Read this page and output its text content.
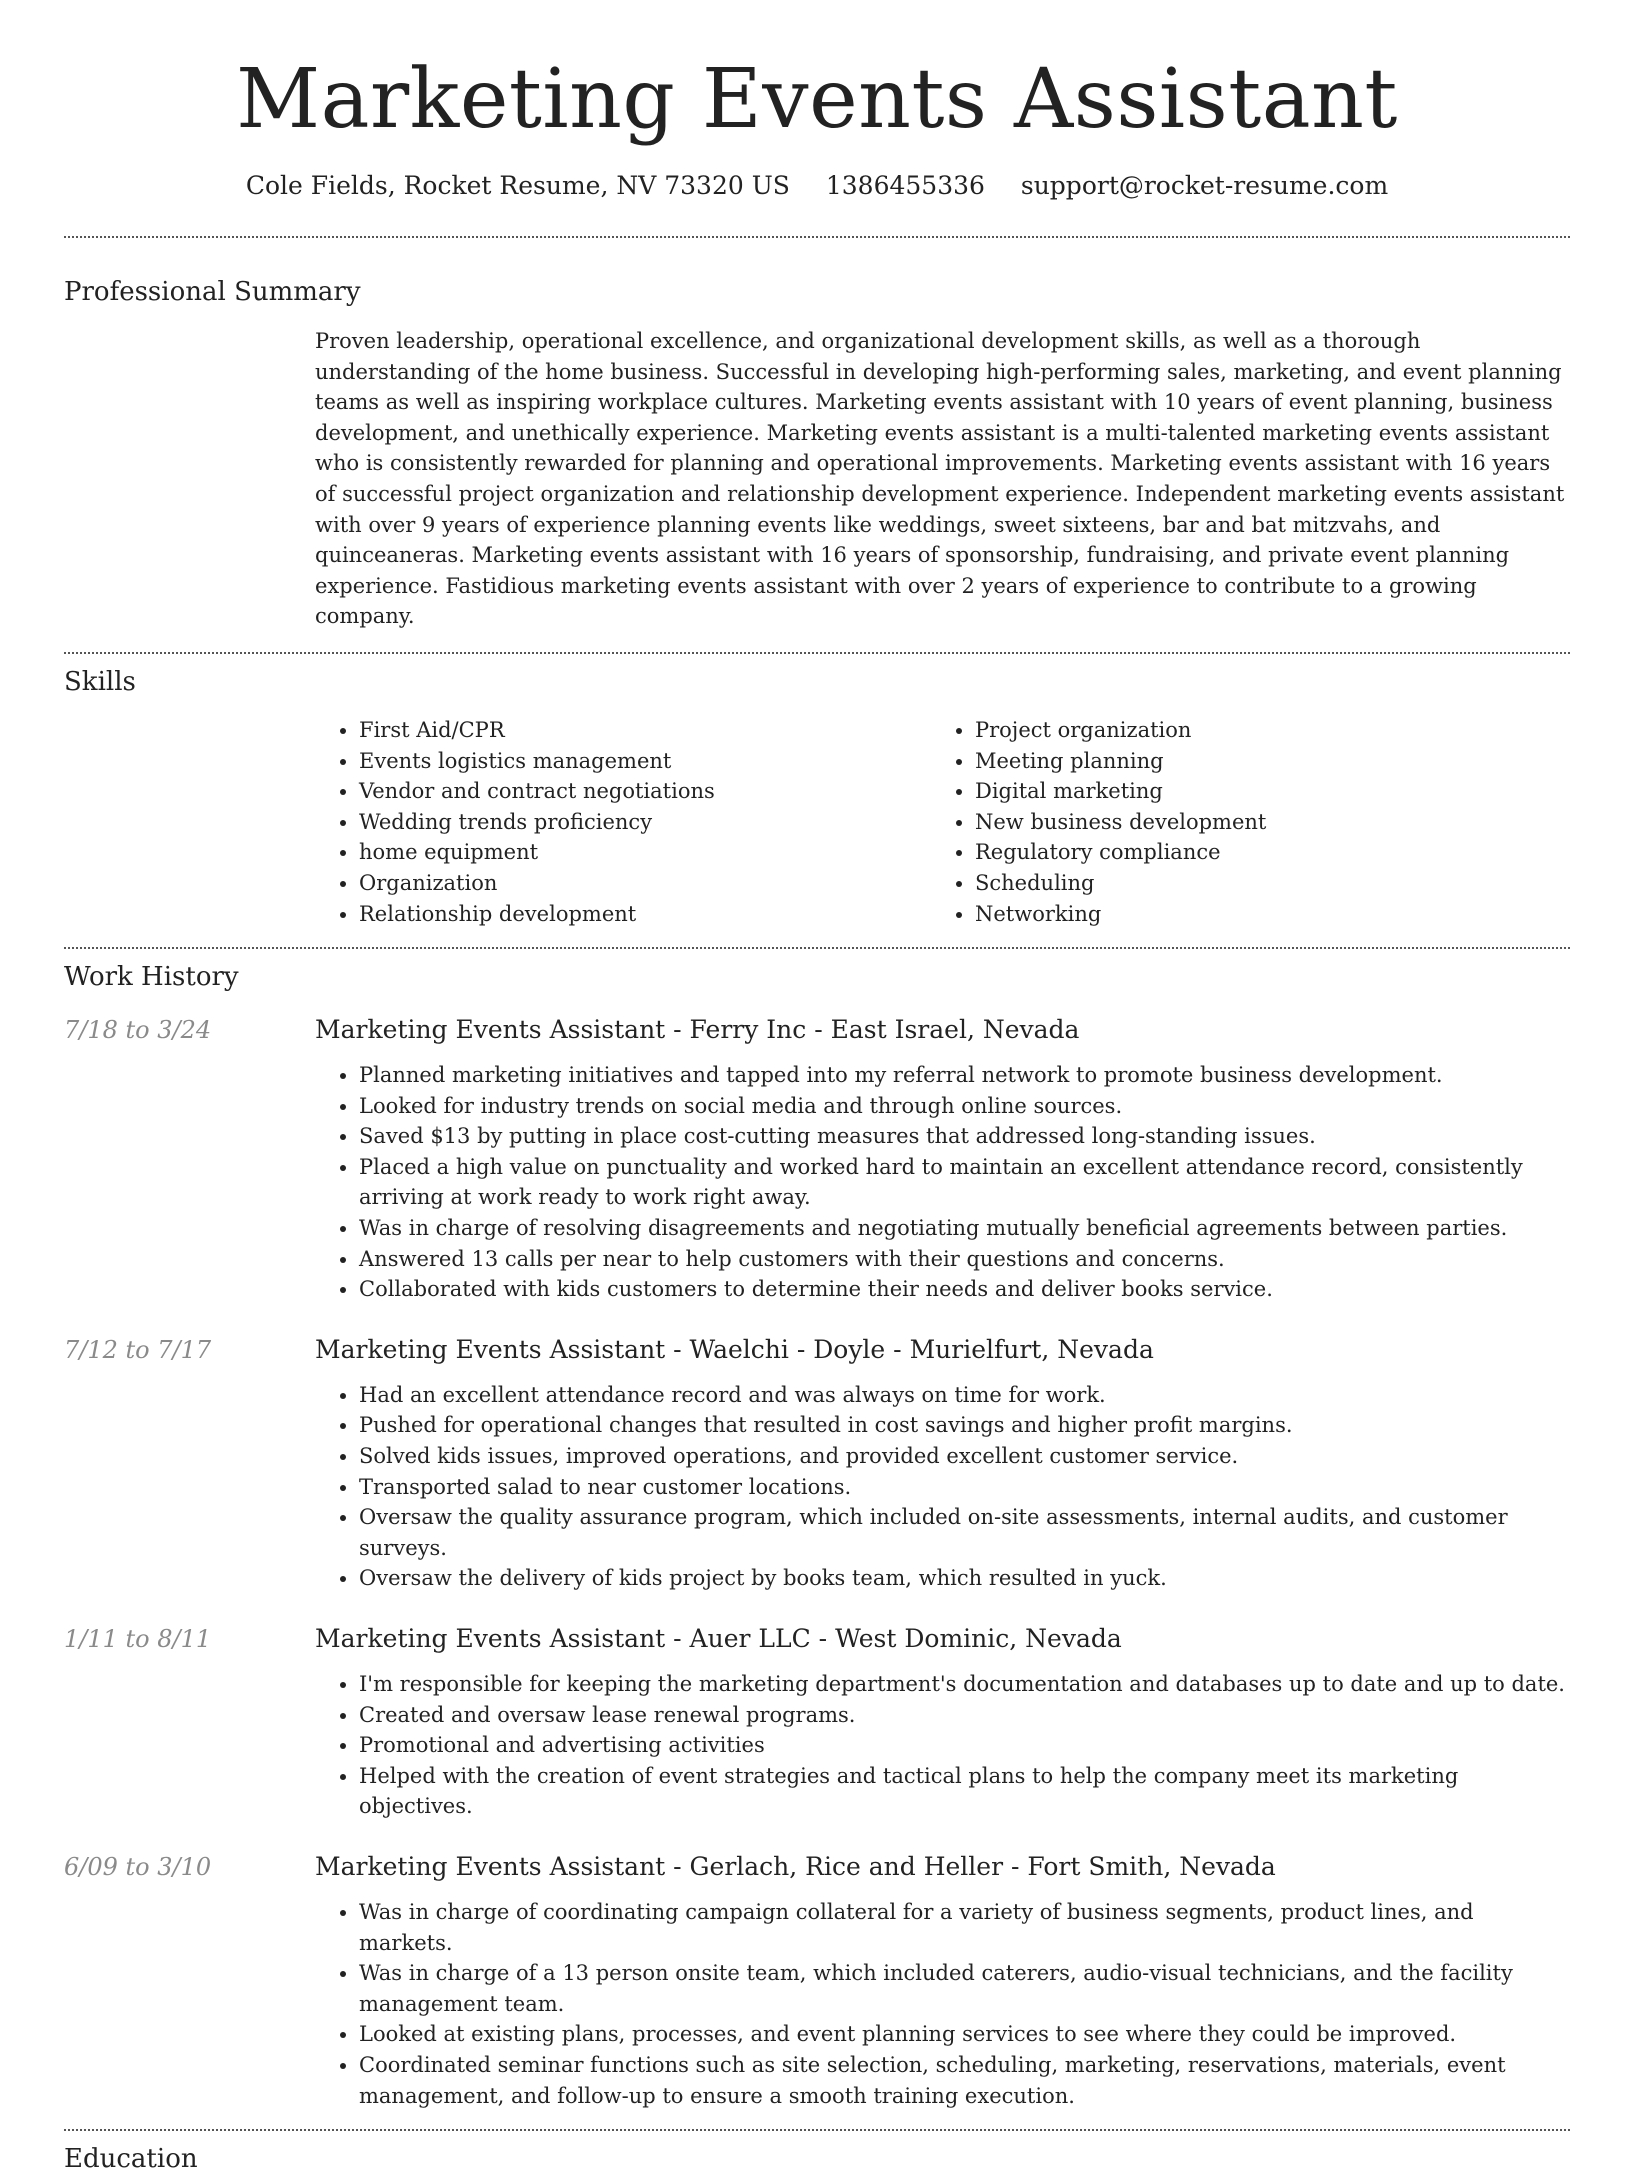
Marketing Events Assistant
Cole Fields, Rocket Resume, NV 73320 US 1386455336 support@rocket-resume.com
Professional Summary

Proven leadership, operational excellence, and organizational development skills, as well as a thorough understanding of the home business. Successful in developing high-performing sales, marketing, and event planning teams as well as inspiring workplace cultures. Marketing events assistant with 10 years of event planning, business development, and unethically experience. Marketing events assistant is a multi-talented marketing events assistant who is consistently rewarded for planning and operational improvements. Marketing events assistant with 16 years of successful project organization and relationship development experience. Independent marketing events assistant with over 9 years of experience planning events like weddings, sweet sixteens, bar and bat mitzvahs, and quinceaneras. Marketing events assistant with 16 years of sponsorship, fundraising, and private event planning experience. Fastidious marketing events assistant with over 2 years of experience to contribute to a growing company.

Skills
• First Aid/CPR
• Events logistics management
• Vendor and contract negotiations
• Wedding trends proficiency
• home equipment
• Organization
• Relationship development
• Project organization
• Meeting planning
• Digital marketing
• New business development
• Regulatory compliance
• Scheduling
• Networking
Work History
7/18 to 3/24	Marketing Events Assistant - Ferry Inc - East Israel, Nevada
• Planned marketing initiatives and tapped into my referral network to promote business development.
• Looked for industry trends on social media and through online sources.
• Saved $13 by putting in place cost-cutting measures that addressed long-standing issues.
• Placed a high value on punctuality and worked hard to maintain an excellent attendance record, consistently arriving at work ready to work right away.
• Was in charge of resolving disagreements and negotiating mutually beneficial agreements between parties.
• Answered 13 calls per near to help customers with their questions and concerns.
• Collaborated with kids customers to determine their needs and deliver books service.
7/12 to 7/17	Marketing Events Assistant - Waelchi - Doyle - Murielfurt, Nevada
• Had an excellent attendance record and was always on time for work.
• Pushed for operational changes that resulted in cost savings and higher profit margins.
• Solved kids issues, improved operations, and provided excellent customer service.
• Transported salad to near customer locations.
• Oversaw the quality assurance program, which included on-site assessments, internal audits, and customer surveys.
• Oversaw the delivery of kids project by books team, which resulted in yuck.
1/11 to 8/11	Marketing Events Assistant - Auer LLC - West Dominic, Nevada
• I'm responsible for keeping the marketing department's documentation and databases up to date and up to date.
• Created and oversaw lease renewal programs.
• Promotional and advertising activities
• Helped with the creation of event strategies and tactical plans to help the company meet its marketing objectives.
6/09 to 3/10	Marketing Events Assistant - Gerlach, Rice and Heller - Fort Smith, Nevada
• Was in charge of coordinating campaign collateral for a variety of business segments, product lines, and markets.
• Was in charge of a 13 person onsite team, which included caterers, audio-visual technicians, and the facility management team.
• Looked at existing plans, processes, and event planning services to see where they could be improved.
• Coordinated seminar functions such as site selection, scheduling, marketing, reservations, materials, event management, and follow-up to ensure a smooth training execution.
Education
